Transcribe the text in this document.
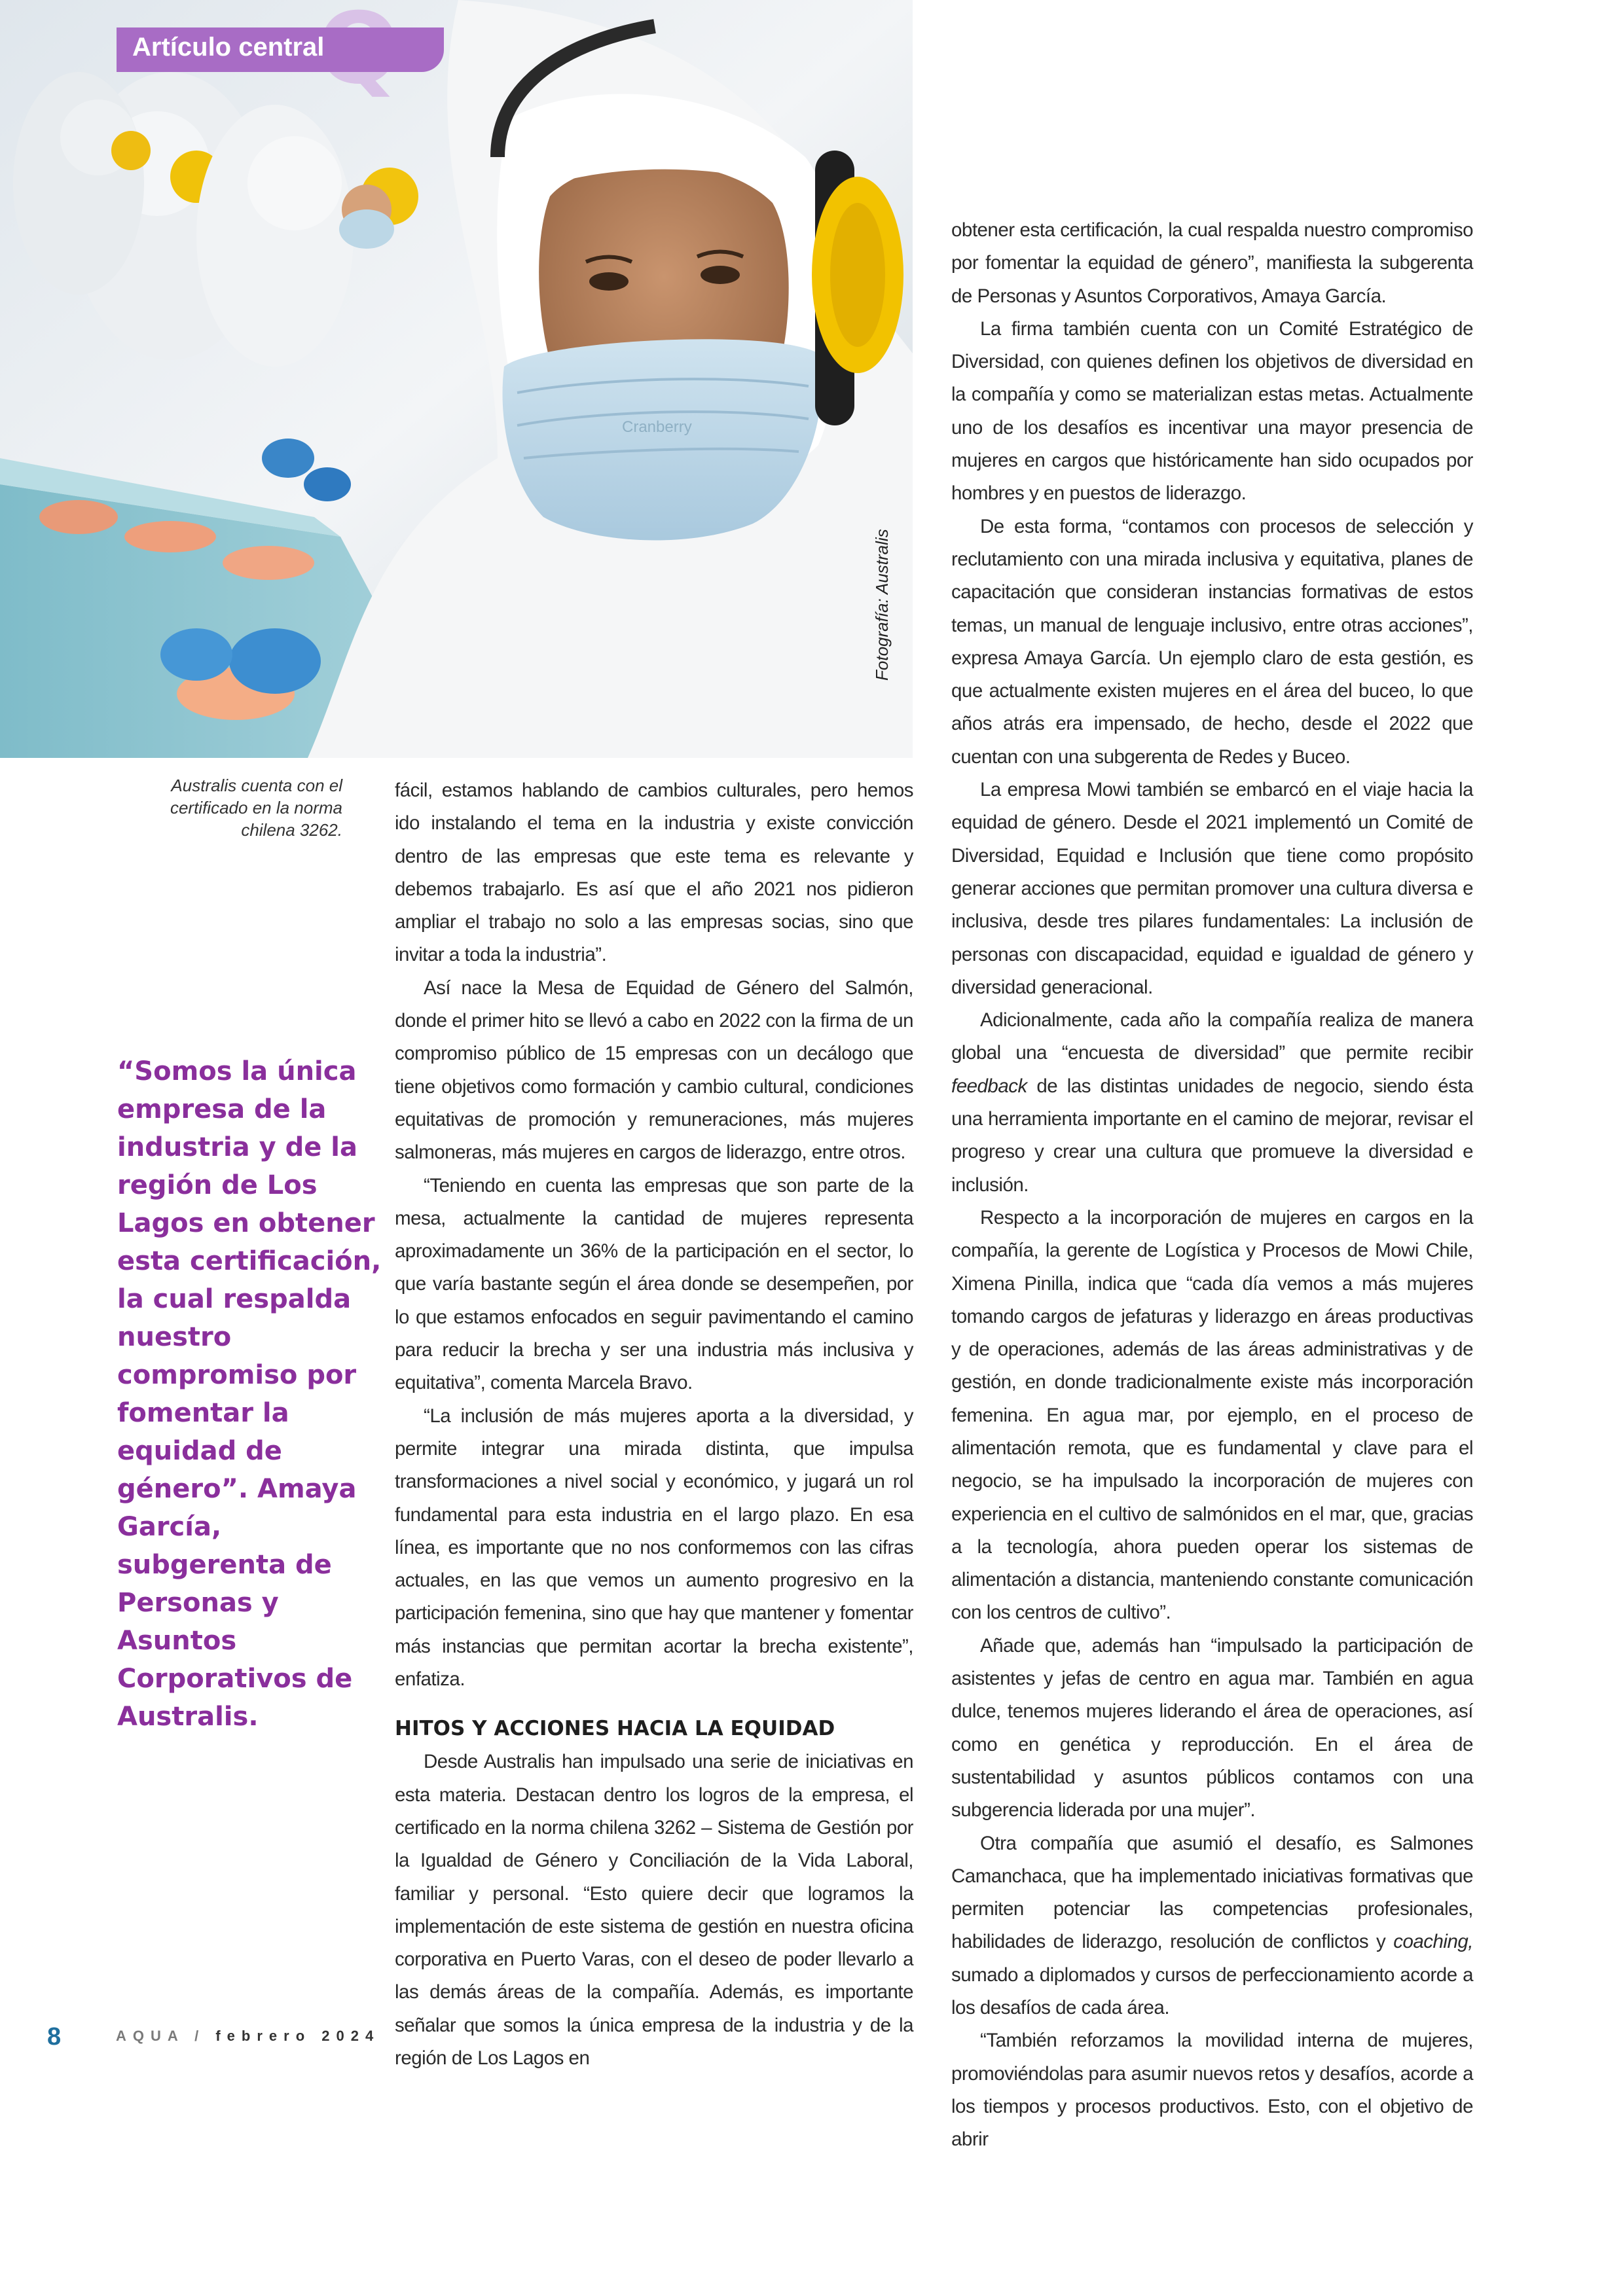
Cranberry
Artículo central
Fotografía: Australis
Australis cuenta con el certificado en la norma chilena 3262.

“Somos la única empresa de la industria y de la región de Los Lagos en obtener esta certificación, la cual respalda nuestro compromiso por fomentar la equidad de género”. Amaya García, subgerenta de Personas y Asuntos Corporativos de Australis.

fácil, estamos hablando de cambios culturales, pero hemos ido instalando el tema en la industria y existe convicción dentro de las empresas que este tema es relevante y debemos trabajarlo. Es así que el año 2021 nos pidieron ampliar el trabajo no solo a las empresas socias, sino que invitar a toda la industria”.

Así nace la Mesa de Equidad de Género del Salmón, donde el primer hito se llevó a cabo en 2022 con la firma de un compromiso público de 15 empresas con un decálogo que tiene objetivos como formación y cambio cultural, condiciones equitativas de promoción y remuneraciones, más mujeres salmoneras, más mujeres en cargos de liderazgo, entre otros.

“Teniendo en cuenta las empresas que son parte de la mesa, actualmente la cantidad de mujeres representa aproximadamente un 36% de la participación en el sector, lo que varía bastante según el área donde se desempeñen, por lo que estamos enfocados en seguir pavimentando el camino para reducir la brecha y ser una industria más inclusiva y equitativa”, comenta Marcela Bravo.

“La inclusión de más mujeres aporta a la diversidad, y permite integrar una mirada distinta, que impulsa transformaciones a nivel social y económico, y jugará un rol fundamental para esta industria en el largo plazo. En esa línea, es importante que no nos conformemos con las cifras actuales, en las que vemos un aumento progresivo en la participación femenina, sino que hay que mantener y fomentar más instancias que permitan acortar la brecha existente”, enfatiza.

HITOS Y ACCIONES HACIA LA EQUIDAD

Desde Australis han impulsado una serie de iniciativas en esta materia. Destacan dentro los logros de la empresa, el certificado en la norma chilena 3262 – Sistema de Gestión por la Igualdad de Género y Conciliación de la Vida Laboral, familiar y personal. “Esto quiere decir que logramos la implementación de este sistema de gestión en nuestra oficina corporativa en Puerto Varas, con el deseo de poder llevarlo a las demás áreas de la compañía. Además, es importante señalar que somos la única empresa de la industria y de la región de Los Lagos en

obtener esta certificación, la cual respalda nuestro compromiso por fomentar la equidad de género”, manifiesta la subgerenta de Personas y Asuntos Corporativos, Amaya García.

La firma también cuenta con un Comité Estratégico de Diversidad, con quienes definen los objetivos de diversidad en la compañía y como se materializan estas metas. Actualmente uno de los desafíos es incentivar una mayor presencia de mujeres en cargos que históricamente han sido ocupados por hombres y en puestos de liderazgo.

De esta forma, “contamos con procesos de selección y reclutamiento con una mirada inclusiva y equitativa, planes de capacitación que consideran instancias formativas de estos temas, un manual de lenguaje inclusivo, entre otras acciones”, expresa Amaya García. Un ejemplo claro de esta gestión, es que actualmente existen mujeres en el área del buceo, lo que años atrás era impensado, de hecho, desde el 2022 que cuentan con una subgerenta de Redes y Buceo.

La empresa Mowi también se embarcó en el viaje hacia la equidad de género. Desde el 2021 implementó un Comité de Diversidad, Equidad e Inclusión que tiene como propósito generar acciones que permitan promover una cultura diversa e inclusiva, desde tres pilares fundamentales: La inclusión de personas con discapacidad, equidad e igualdad de género y diversidad generacional.

Adicionalmente, cada año la compañía realiza de manera global una “encuesta de diversidad” que permite recibir feedback de las distintas unidades de negocio, siendo ésta una herramienta importante en el camino de mejorar, revisar el progreso y crear una cultura que promueve la diversidad e inclusión.

Respecto a la incorporación de mujeres en cargos en la compañía, la gerente de Logística y Procesos de Mowi Chile, Ximena Pinilla, indica que “cada día vemos a más mujeres tomando cargos de jefaturas y liderazgo en áreas productivas y de operaciones, además de las áreas administrativas y de gestión, en donde tradicionalmente existe más incorporación femenina. En agua mar, por ejemplo, en el proceso de alimentación remota, que es fundamental y clave para el negocio, se ha impulsado la incorporación de mujeres con experiencia en el cultivo de salmónidos en el mar, que, gracias a la tecnología, ahora pueden operar los sistemas de alimentación a distancia, manteniendo constante comunicación con los centros de cultivo”.

Añade que, además han “impulsado la participación de asistentes y jefas de centro en agua mar. También en agua dulce, tenemos mujeres liderando el área de operaciones, así como en genética y reproducción. En el área de sustentabilidad y asuntos públicos contamos con una subgerencia liderada por una mujer”.

Otra compañía que asumió el desafío, es Salmones Camanchaca, que ha implementado iniciativas formativas que permiten potenciar las competencias profesionales, habilidades de liderazgo, resolución de conflictos y coaching, sumado a diplomados y cursos de perfeccionamiento acorde a los desafíos de cada área.

“También reforzamos la movilidad interna de mujeres, promoviéndolas para asumir nuevos retos y desafíos, acorde a los tiempos y procesos productivos. Esto, con el objetivo de abrir

8	AQUA / febrero 2024
